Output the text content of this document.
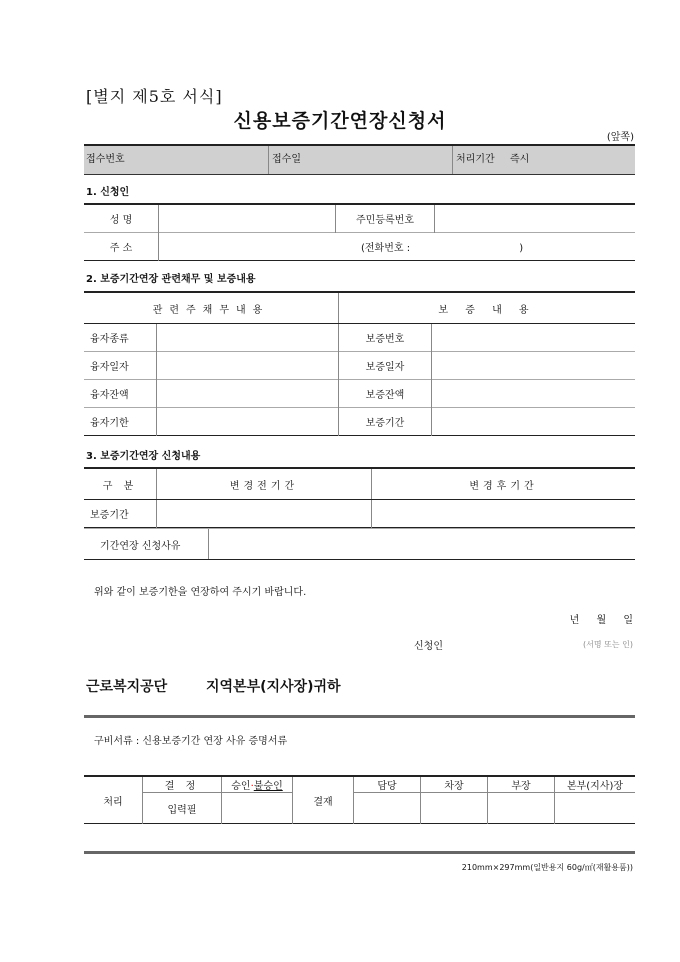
[별지 제5호 서식]
신용보증기간연장신청서
(앞쪽)
접수번호	접수일	처리기간 즉시
1. 신청인
성 명		주민등록번호	
주 소	(전화번호 : )		
2. 보증기간연장 관련채무 및 보증내용
관련주채무내용		보 증 내 용	
융자종류		보증번호	
융자일자		보증일자	
융자잔액		보증잔액	
융자기한		보증기간	
3. 보증기간연장 신청내용
구 분	변경전기간	변경후기간
보증기간		
기간연장 신청사유
위와 같이 보증기한을 연장하여 주시기 바랍니다.
년 월 일
신청인	(서명 또는 인)
근로복지공단	지역본부(지사장)귀하
구비서류 : 신용보증기간 연장 사유 증명서류
처리	결 정	승인·불승인	결재	담당	차장	부장	본부(지사)장
	입력필						
210mm×297mm(일반용지 60g/㎡(재활용품))
